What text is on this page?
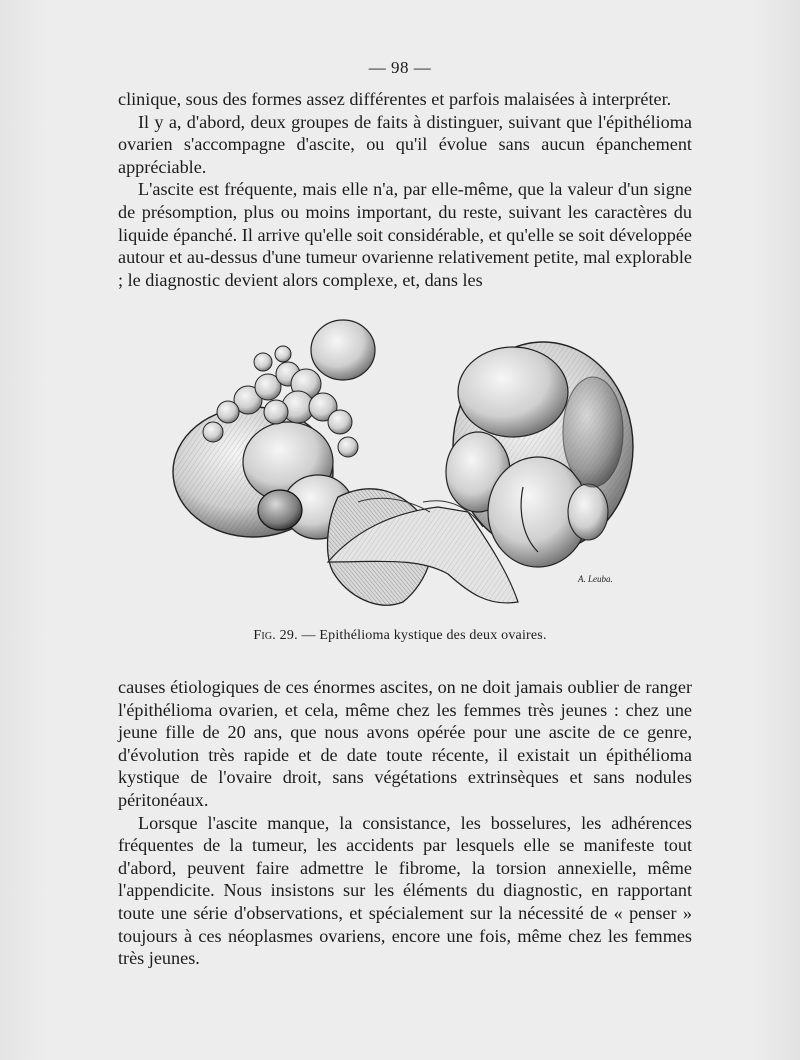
— 98 —

clinique, sous des formes assez différentes et parfois malaisées à interpréter.

Il y a, d'abord, deux groupes de faits à distinguer, suivant que l'épithélioma ovarien s'accompagne d'ascite, ou qu'il évolue sans aucun épanchement appréciable.

L'ascite est fréquente, mais elle n'a, par elle-même, que la valeur d'un signe de présomption, plus ou moins important, du reste, suivant les caractères du liquide épanché. Il arrive qu'elle soit considérable, et qu'elle se soit développée autour et au-dessus d'une tumeur ovarienne relativement petite, mal explorable ; le diagnostic devient alors complexe, et, dans les

A. Leuba.
Fig. 29. — Epithélioma kystique des deux ovaires.

causes étiologiques de ces énormes ascites, on ne doit jamais oublier de ranger l'épithélioma ovarien, et cela, même chez les femmes très jeunes : chez une jeune fille de 20 ans, que nous avons opérée pour une ascite de ce genre, d'évolution très rapide et de date toute récente, il existait un épithélioma kystique de l'ovaire droit, sans végétations extrinsèques et sans nodules péritonéaux.

Lorsque l'ascite manque, la consistance, les bosselures, les adhérences fréquentes de la tumeur, les accidents par lesquels elle se manifeste tout d'abord, peuvent faire admettre le fibrome, la torsion annexielle, même l'appendicite. Nous insistons sur les éléments du diagnostic, en rapportant toute une série d'observations, et spécialement sur la nécessité de « penser » toujours à ces néoplasmes ovariens, encore une fois, même chez les femmes très jeunes.
